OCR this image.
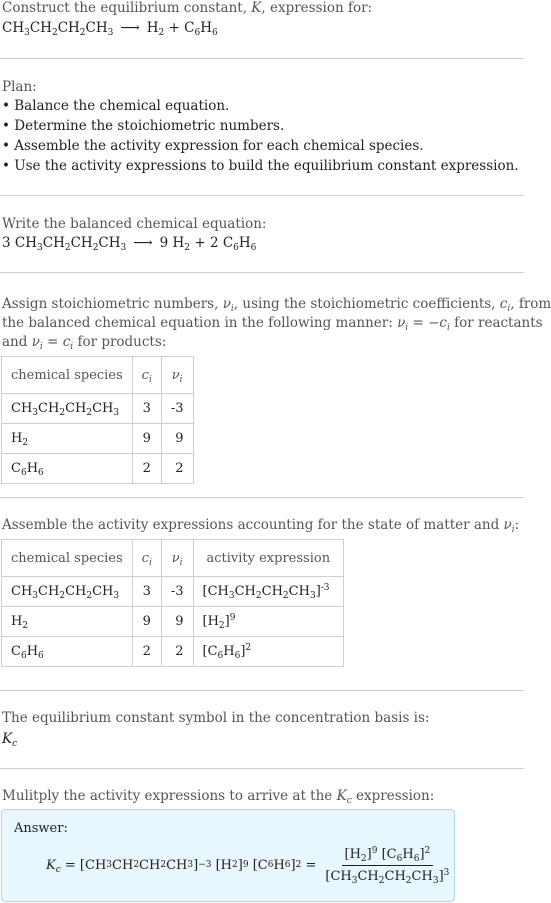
Construct the equilibrium constant, K, expression for:
$CH_3CH_2CH_2CH_3$ ⟶ $H_2 + C_6H_6$
Plan:
• Balance the chemical equation.
• Determine the stoichiometric numbers.
• Assemble the activity expression for each chemical species.
• Use the activity expressions to build the equilibrium constant expression.
Write the balanced chemical equation:
3 $CH_3CH_2CH_2CH_3$ ⟶ 9 $H_2 + 2$ $C_6H_6$
Assign stoichiometric numbers, $\nu_i$, using the stoichiometric coefficients, $c_i$, from
the balanced chemical equation in the following manner: $\nu_i = -c_i$ for reactants
and $\nu_i = c_i$ for products:
chemical species	$c_i$	$\nu_i$
$CH_3CH_2CH_2CH_3$	3	-3
$H_2$	9	9
$C_6H_6$	2	2
Assemble the activity expressions accounting for the state of matter and $\nu_i$:
chemical species	$c_i$	$\nu_i$	activity expression
$CH_3CH_2CH_2CH_3$	3	-3	$[CH_3CH_2CH_2CH_3]^{-3}$
$H_2$	9	9	$[H_2]^9$
$C_6H_6$	2	2	$[C_6H_6]^2$
The equilibrium constant symbol in the concentration basis is:
$K_c$
Mulitply the activity expressions to arrive at the $K_c$ expression:
Answer:
$K_c = [CH$ 3 CH 2 CH 2 CH 3 ] −3 [H 2 ] 9 [C 6 H 6 ] $2 = \frac{[H_2]^9 [C_6H_6]^2}{[CH_3CH_2CH_2CH_3]^3}$
